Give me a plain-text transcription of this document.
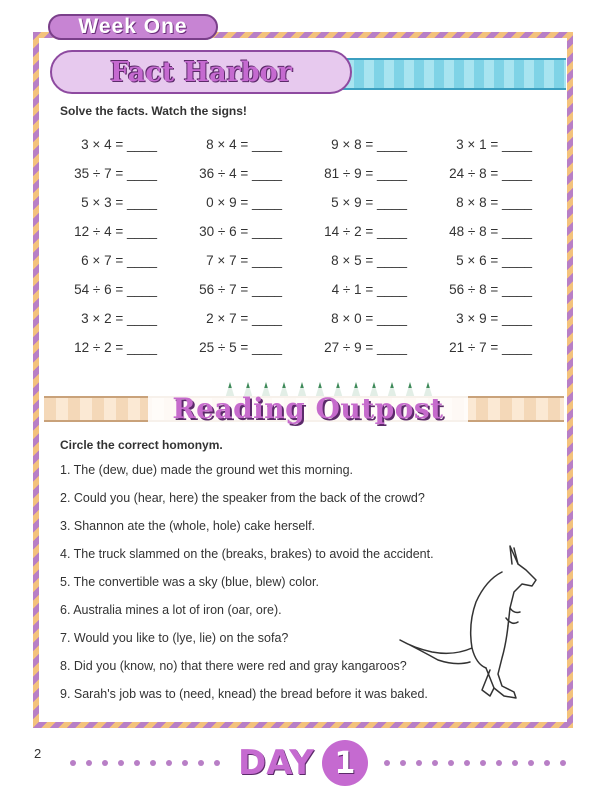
Week One
Fact Harbor
Solve the facts. Watch the signs!
3 × 4 = ____	8 × 4 = ____	9 × 8 = ____	3 × 1 = ____
35 ÷ 7 = ____	36 ÷ 4 = ____	81 ÷ 9 = ____	24 ÷ 8 = ____
5 × 3 = ____	0 × 9 = ____	5 × 9 = ____	8 × 8 = ____
12 ÷ 4 = ____	30 ÷ 6 = ____	14 ÷ 2 = ____	48 ÷ 8 = ____
6 × 7 = ____	7 × 7 = ____	8 × 5 = ____	5 × 6 = ____
54 ÷ 6 = ____	56 ÷ 7 = ____	4 ÷ 1 = ____	56 ÷ 8 = ____
3 × 2 = ____	2 × 7 = ____	8 × 0 = ____	3 × 9 = ____
12 ÷ 2 = ____	25 ÷ 5 = ____	27 ÷ 9 = ____	21 ÷ 7 = ____
Reading Outpost
Circle the correct homonym.
1. The (dew, due) made the ground wet this morning.
2. Could you (hear, here) the speaker from the back of the crowd?
3. Shannon ate the (whole, hole) cake herself.
4. The truck slammed on the (breaks, brakes) to avoid the accident.
5. The convertible was a sky (blue, blew) color.
6. Australia mines a lot of iron (oar, ore).
7. Would you like to (lye, lie) on the sofa?
8. Did you (know, no) that there were red and gray kangaroos?
9. Sarah's job was to (need, knead) the bread before it was baked.
2	DAY 1
